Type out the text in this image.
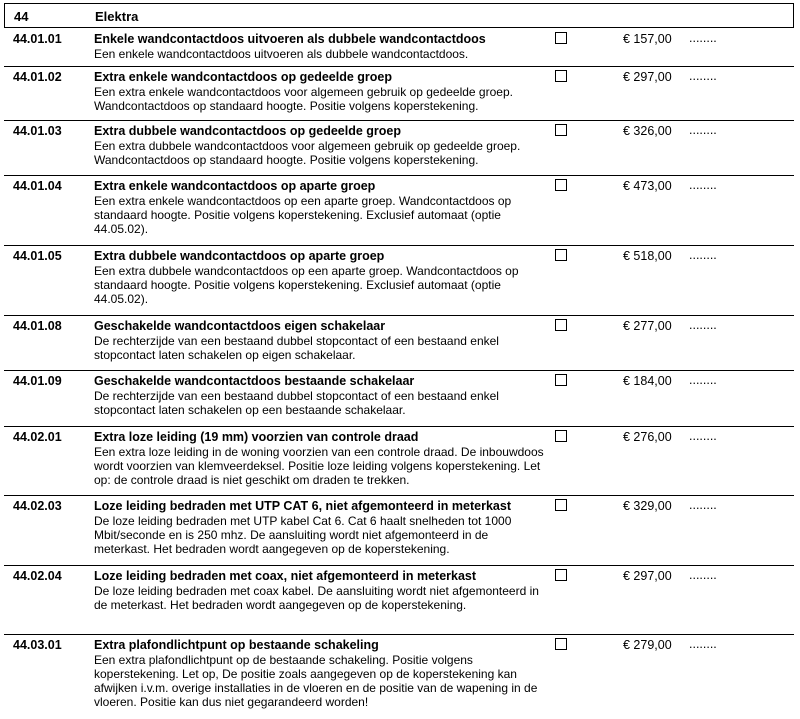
44	Elektra
44.01.01	Enkele wandcontactdoos uitvoeren als dubbele wandcontactdoos
Een enkele wandcontactdoos uitvoeren als dubbele wandcontactdoos.
€ 157,00 ........
44.01.02	Extra enkele wandcontactdoos op gedeelde groep
Een extra enkele wandcontactdoos voor algemeen gebruik op gedeelde groep. Wandcontactdoos op standaard hoogte. Positie volgens koperstekening.
€ 297,00 ........
44.01.03	Extra dubbele wandcontactdoos op gedeelde groep
Een extra dubbele wandcontactdoos voor algemeen gebruik op gedeelde groep. Wandcontactdoos op standaard hoogte. Positie volgens koperstekening.
€ 326,00 ........
44.01.04	Extra enkele wandcontactdoos op aparte groep
Een extra enkele wandcontactdoos op een aparte groep. Wandcontactdoos op standaard hoogte. Positie volgens koperstekening. Exclusief automaat (optie 44.05.02).
€ 473,00 ........
44.01.05	Extra dubbele wandcontactdoos op aparte groep
Een extra dubbele wandcontactdoos op een aparte groep. Wandcontactdoos op standaard hoogte. Positie volgens koperstekening. Exclusief automaat (optie 44.05.02).
€ 518,00 ........
44.01.08	Geschakelde wandcontactdoos eigen schakelaar
De rechterzijde van een bestaand dubbel stopcontact of een bestaand enkel stopcontact laten schakelen op eigen schakelaar.
€ 277,00 ........
44.01.09	Geschakelde wandcontactdoos bestaande schakelaar
De rechterzijde van een bestaand dubbel stopcontact of een bestaand enkel stopcontact laten schakelen op een bestaande schakelaar.
€ 184,00 ........
44.02.01	Extra loze leiding (19 mm) voorzien van controle draad
Een extra loze leiding in de woning voorzien van een controle draad. De inbouwdoos wordt voorzien van klemveerdeksel. Positie loze leiding volgens koperstekening. Let op: de controle draad is niet geschikt om draden te trekken.
€ 276,00 ........
44.02.03	Loze leiding bedraden met UTP CAT 6, niet afgemonteerd in meterkast
De loze leiding bedraden met UTP kabel Cat 6. Cat 6 haalt snelheden tot 1000 Mbit/seconde en is 250 mhz. De aansluiting wordt niet afgemonteerd in de meterkast. Het bedraden wordt aangegeven op de koperstekening.
€ 329,00 ........
44.02.04	Loze leiding bedraden met coax, niet afgemonteerd in meterkast
De loze leiding bedraden met coax kabel. De aansluiting wordt niet afgemonteerd in de meterkast. Het bedraden wordt aangegeven op de koperstekening.
€ 297,00 ........
44.03.01	Extra plafondlichtpunt op bestaande schakeling
Een extra plafondlichtpunt op de bestaande schakeling. Positie volgens koperstekening. Let op, De positie zoals aangegeven op de koperstekening kan afwijken i.v.m. overige installaties in de vloeren en de positie van de wapening in de vloeren. Positie kan dus niet gegarandeerd worden!
€ 279,00 ........
